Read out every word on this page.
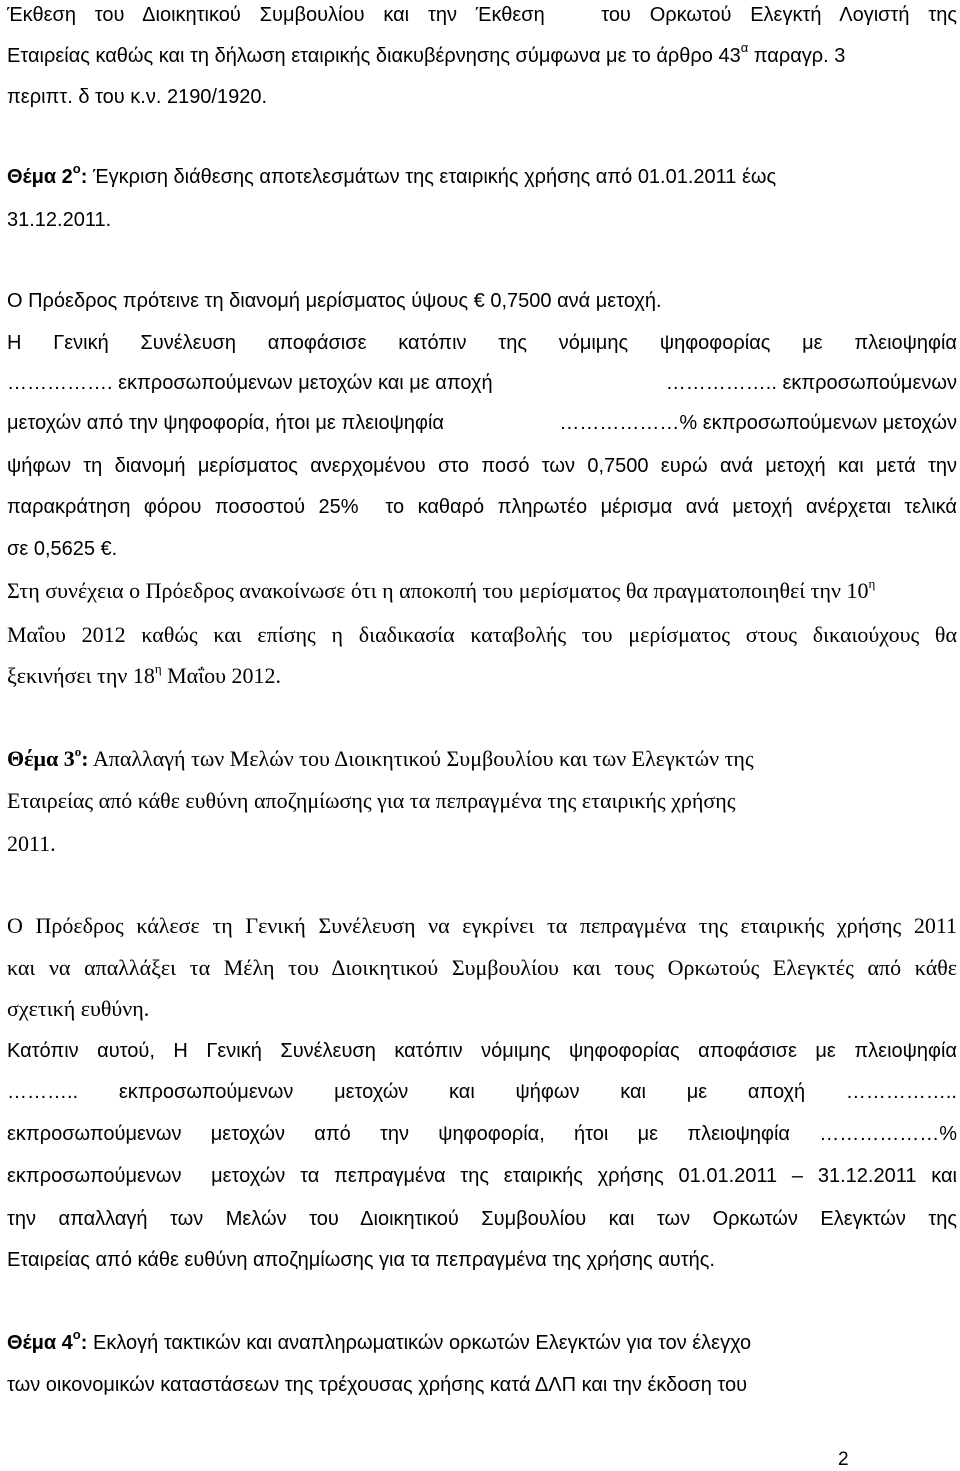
Έκθεση του Διοικητικού Συμβουλίου και την Έκθεση   του Ορκωτού Ελεγκτή Λογιστή της
Εταιρείας καθώς και τη δήλωση εταιρικής διακυβέρνησης σύμφωνα με το άρθρο $43^\alpha$ παραγρ. 3
περιπτ. δ του κ.ν. 2190/1920.
Θέμα $2^o$: Έγκριση διάθεσης αποτελεσμάτων της εταιρικής χρήσης από 01.01.2011 έως
31.12.2011.
Ο Πρόεδρος πρότεινε τη διανομή μερίσματος ύψους € 0,7500 ανά μετοχή.
Η Γενική Συνέλευση αποφάσισε κατόπιν της νόμιμης ψηφοφορίας με πλειοψηφία
……………. εκπροσωπούμενων μετοχών και με αποχή	…………….. εκπροσωπούμενων
μετοχών από την ψηφοφορία, ήτοι με πλειοψηφία	………………% εκπροσωπούμενων μετοχών
ψήφων τη διανομή μερίσματος ανερχομένου στο ποσό των 0,7500 ευρώ ανά μετοχή και μετά την
παρακράτηση φόρου ποσοστού 25%  το καθαρό πληρωτέο μέρισμα ανά μετοχή ανέρχεται τελικά
σε 0,5625 €.
Στη συνέχεια ο Πρόεδρος ανακοίνωσε ότι η αποκοπή του μερίσματος θα πραγματοποιηθεί την $10^\eta$
Μαΐου 2012 καθώς και επίσης η διαδικασία καταβολής του μερίσματος στους δικαιούχους θα
ξεκινήσει την $18^\eta$ Μαΐου 2012.
Θέμα $3^o$: Απαλλαγή των Μελών του Διοικητικού Συμβουλίου και των Ελεγκτών της
Εταιρείας από κάθε ευθύνη αποζημίωσης για τα πεπραγμένα της εταιρικής χρήσης
2011.
Ο Πρόεδρος κάλεσε τη Γενική Συνέλευση να εγκρίνει τα πεπραγμένα της εταιρικής χρήσης 2011
και να απαλλάξει τα Μέλη του Διοικητικού Συμβουλίου και τους Ορκωτούς Ελεγκτές από κάθε
σχετική ευθύνη.
Κατόπιν αυτού, Η Γενική Συνέλευση κατόπιν νόμιμης ψηφοφορίας αποφάσισε με πλειοψηφία
……….. εκπροσωπούμενων μετοχών και ψήφων και με αποχή ……………..
εκπροσωπούμενων μετοχών από την ψηφοφορία, ήτοι με πλειοψηφία ………………%
εκπροσωπούμενων  μετοχών τα πεπραγμένα της εταιρικής χρήσης 01.01.2011 – 31.12.2011 και
την απαλλαγή των Μελών του Διοικητικού Συμβουλίου και των Ορκωτών Ελεγκτών της
Εταιρείας από κάθε ευθύνη αποζημίωσης για τα πεπραγμένα της χρήσης αυτής.
Θέμα $4^o$: Εκλογή τακτικών και αναπληρωματικών ορκωτών Ελεγκτών για τον έλεγχο
των οικονομικών καταστάσεων της τρέχουσας χρήσης κατά ΔΛΠ και την έκδοση του
2
